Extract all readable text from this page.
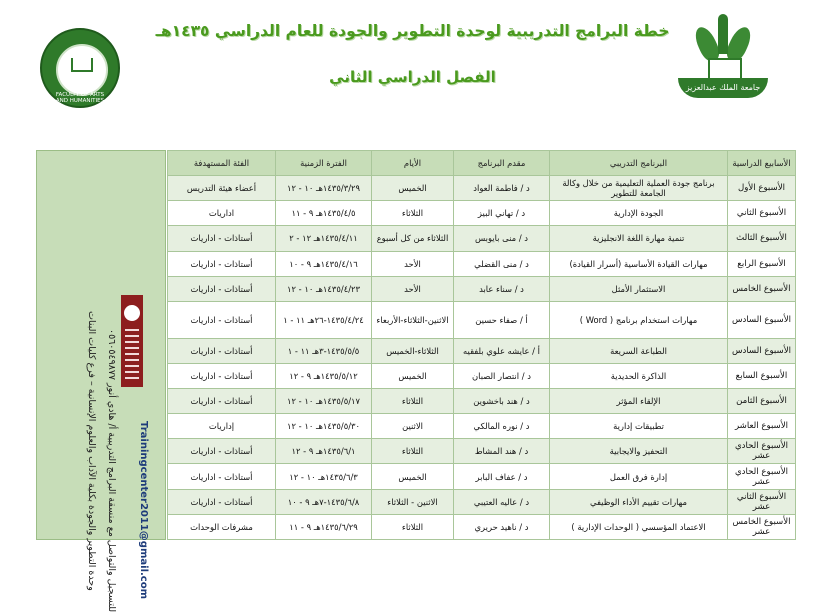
خطة البرامج التدريبية لوحدة التطوير والجودة للعام الدراسي ١٤٣٥هـ
الفصل الدراسي الثاني
FACULTY OF ARTS
AND HUMANITIES
جامعة الملك عبدالعزيز
وحدة التطوير والجودة بكلية الآداب والعلوم الإنسانية – فرع كليات البنات للتسجيل والتواصل مع منسقة البرامج التدريبية أ/ هادي أنور ٠٥٦٠٥٤٩٨٧٧ Trainingcenter2011@gmail.com
الأسابيع الدراسية	البرنامج التدريبي	مقدم البرنامج	الأيام	الفترة الزمنية	الفئة المستهدفة
الأسبوع الأول	برنامج جودة العملية التعليمية من خلال وكالة الجامعة للتطوير	د / فاطمة العواد	الخميس	١٤٣٥/٣/٢٩هـ ١٠ - ١٢	أعضاء هيئة التدريس
الأسبوع الثاني	الجودة الإدارية	د / تهاني البيز	الثلاثاء	١٤٣٥/٤/٥هـ ٩ - ١١	اداريات
الأسبوع الثالث	تنمية مهارة اللغة الانجليزية	د / منى بايوبس	الثلاثاء من كل أسبوع	١٤٣٥/٤/١١هـ ١٢ - ٢	أستاذات - اداريات
الأسبوع الرابع	مهارات القيادة الأساسية (أسرار القيادة)	د / منى القضلي	الأحد	١٤٣٥/٤/١٦هـ ٩ - ١٠	أستاذات - اداريات
الأسبوع الخامس	الاستثمار الأمثل	د / سناء عابد	الأحد	١٤٣٥/٤/٢٣هـ ١٠ - ١٢	أستاذات - اداريات
الأسبوع السادس	مهارات استخدام برنامج ( Word )	أ / صفاء حسين	الاثنين-الثلاثاء-الأربعاء	١٤٣٥/٤/٢٤-٢٦هـ ١١ - ١	أستاذات - اداريات
الأسبوع السادس	الطباعة السريعة	أ / عايشه علوي بلفقيه	الثلاثاء-الخميس	١٤٣٥/٥/٥-٣هـ ١١ - ١	أستاذات - اداريات
الأسبوع السابع	الذاكرة الحديدية	د / انتصار الصبان	الخميس	١٤٣٥/٥/١٢هـ ٩ - ١٢	أستاذات - اداريات
الأسبوع الثامن	الإلقاء المؤثر	د / هند باخشوين	الثلاثاء	١٤٣٥/٥/١٧هـ ١٠ - ١٢	أستاذات - اداريات
الأسبوع العاشر	تطبيقات إدارية	د / نوره المالكي	الاثنين	١٤٣٥/٥/٣٠هـ ١٠ - ١٢	إداريات
الأسبوع الحادي عشر	التحفيز والايجابية	د / هند المشاط	الثلاثاء	١٤٣٥/٦/١هـ ٩ - ١٢	أستاذات - اداريات
الأسبوع الحادي عشر	إدارة فرق العمل	د / عفاف البابر	الخميس	١٤٣٥/٦/٣هـ ١٠ - ١٢	أستاذات - اداريات
الأسبوع الثاني عشر	مهارات تقييم الأداء الوظيفي	د / عاليه العتيبي	الاثنين - الثلاثاء	١٤٣٥/٦/٨-٧هـ ٩ - ١٠	أستاذات - اداريات
الأسبوع الخامس عشر	الاعتماد المؤسسي ( الوحدات الإدارية )	د / ناهيد حريري	الثلاثاء	١٤٣٥/٦/٢٩هـ ٩ - ١١	مشرفات الوحدات
